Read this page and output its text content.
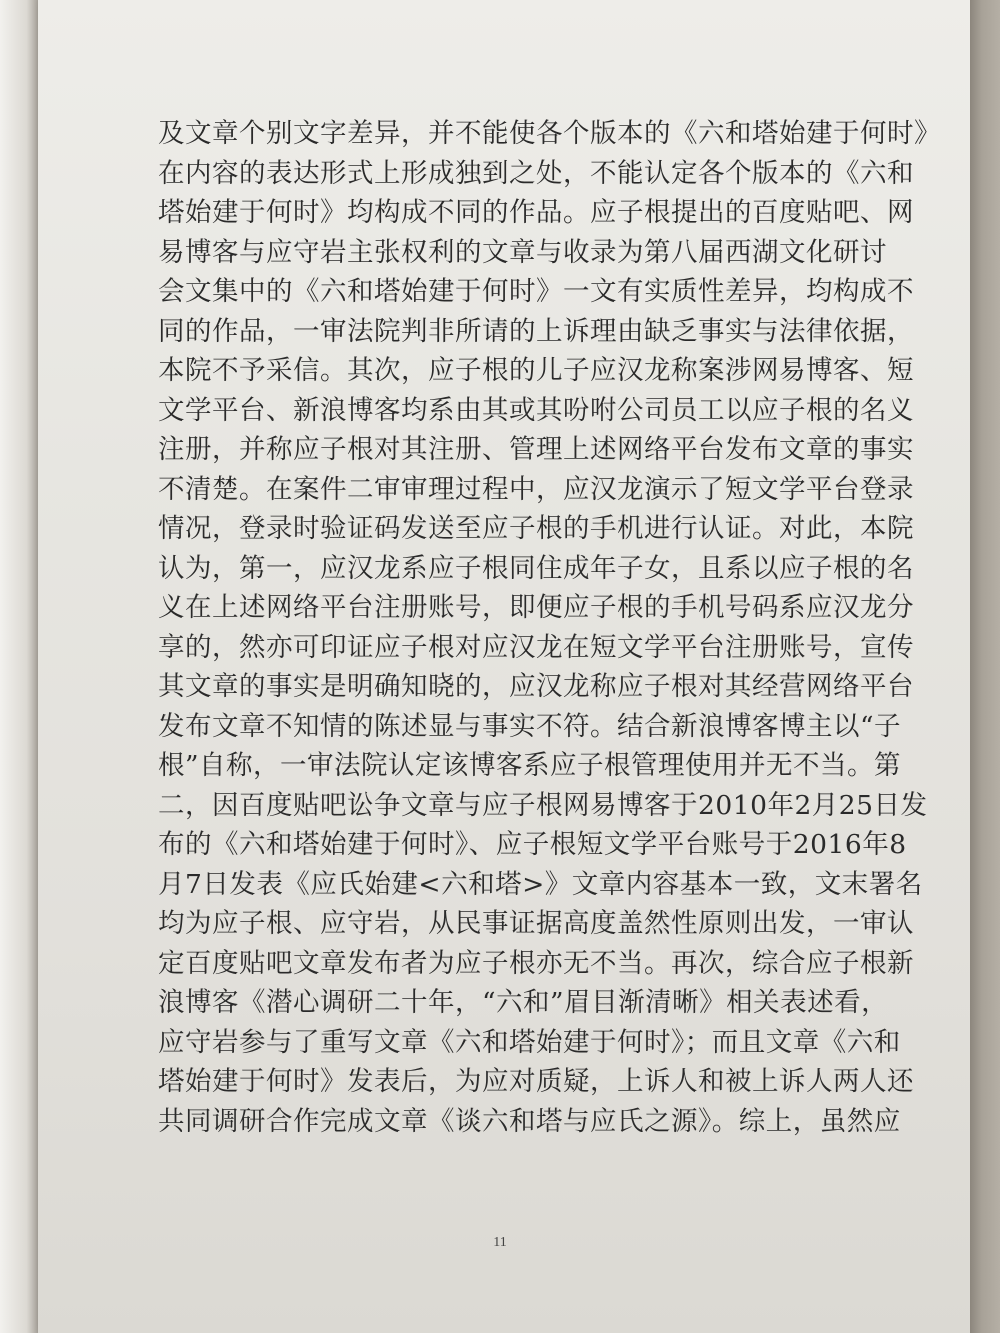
及文章个别文字差异，并不能使各个版本的《六和塔始建于何时》

在内容的表达形式上形成独到之处，不能认定各个版本的《六和

塔始建于何时》均构成不同的作品。应子根提出的百度贴吧、网

易博客与应守岩主张权利的文章与收录为第八届西湖文化研讨

会文集中的《六和塔始建于何时》一文有实质性差异，均构成不

同的作品，一审法院判非所请的上诉理由缺乏事实与法律依据，

本院不予采信。其次，应子根的儿子应汉龙称案涉网易博客、短

文学平台、新浪博客均系由其或其吩咐公司员工以应子根的名义

注册，并称应子根对其注册、管理上述网络平台发布文章的事实

不清楚。在案件二审审理过程中，应汉龙演示了短文学平台登录

情况，登录时验证码发送至应子根的手机进行认证。对此，本院

认为，第一，应汉龙系应子根同住成年子女，且系以应子根的名

义在上述网络平台注册账号，即便应子根的手机号码系应汉龙分

享的，然亦可印证应子根对应汉龙在短文学平台注册账号，宣传

其文章的事实是明确知晓的，应汉龙称应子根对其经营网络平台

发布文章不知情的陈述显与事实不符。结合新浪博客博主以“子

根”自称，一审法院认定该博客系应子根管理使用并无不当。第

二，因百度贴吧讼争文章与应子根网易博客于2010年2月25日发

布的《六和塔始建于何时》、应子根短文学平台账号于2016年8

月7日发表《应氏始建<六和塔>》文章内容基本一致，文末署名

均为应子根、应守岩，从民事证据高度盖然性原则出发，一审认

定百度贴吧文章发布者为应子根亦无不当。再次，综合应子根新

浪博客《潜心调研二十年，“六和”眉目渐清晰》相关表述看，

应守岩参与了重写文章《六和塔始建于何时》；而且文章《六和

塔始建于何时》发表后，为应对质疑，上诉人和被上诉人两人还

共同调研合作完成文章《谈六和塔与应氏之源》。综上，虽然应

11
